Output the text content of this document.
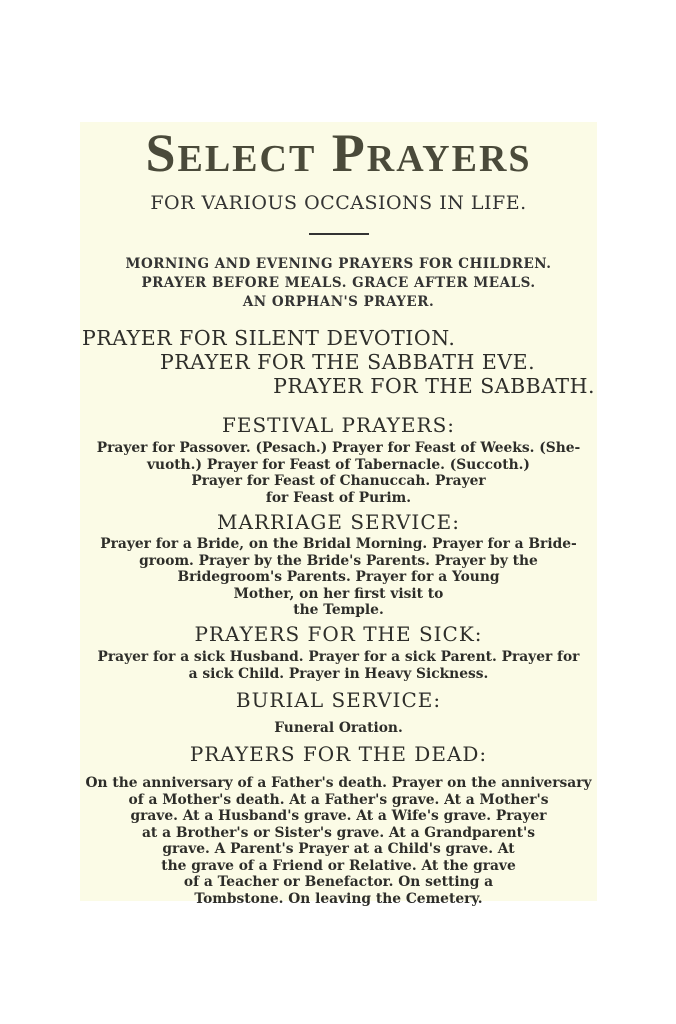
Select Prayers
FOR VARIOUS OCCASIONS IN LIFE.
MORNING AND EVENING PRAYERS FOR CHILDREN.
PRAYER BEFORE MEALS. GRACE AFTER MEALS.
AN ORPHAN'S PRAYER.
PRAYER FOR SILENT DEVOTION.
PRAYER FOR THE SABBATH EVE.
PRAYER FOR THE SABBATH.
FESTIVAL PRAYERS:
Prayer for Passover. (Pesach.) Prayer for Feast of Weeks. (She-
vuoth.) Prayer for Feast of Tabernacle. (Succoth.)
Prayer for Feast of Chanuccah. Prayer
for Feast of Purim.
MARRIAGE SERVICE:
Prayer for a Bride, on the Bridal Morning. Prayer for a Bride-
groom. Prayer by the Bride's Parents. Prayer by the
Bridegroom's Parents. Prayer for a Young
Mother, on her first visit to
the Temple.
PRAYERS FOR THE SICK:
Prayer for a sick Husband. Prayer for a sick Parent. Prayer for
a sick Child. Prayer in Heavy Sickness.
BURIAL SERVICE:
Funeral Oration.
PRAYERS FOR THE DEAD:
On the anniversary of a Father's death. Prayer on the anniversary
of a Mother's death. At a Father's grave. At a Mother's
grave. At a Husband's grave. At a Wife's grave. Prayer
at a Brother's or Sister's grave. At a Grandparent's
grave. A Parent's Prayer at a Child's grave. At
the grave of a Friend or Relative. At the grave
of a Teacher or Benefactor. On setting a
Tombstone. On leaving the Cemetery.
